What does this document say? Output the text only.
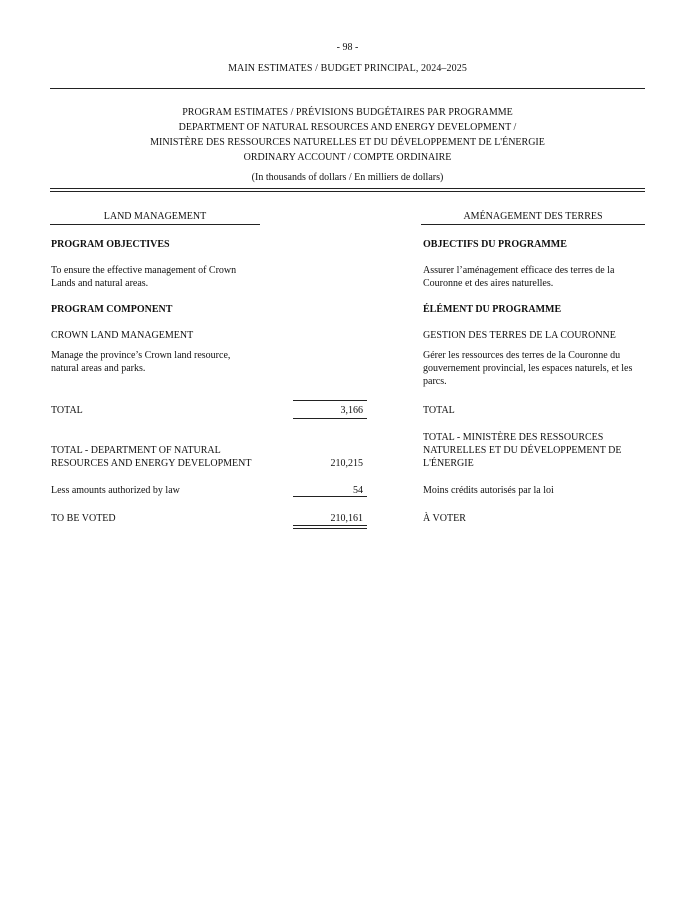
- 98 -
MAIN ESTIMATES / BUDGET PRINCIPAL, 2024–2025
PROGRAM ESTIMATES / PRÉVISIONS BUDGÉTAIRES PAR PROGRAMME
DEPARTMENT OF NATURAL RESOURCES AND ENERGY DEVELOPMENT /
MINISTÈRE DES RESSOURCES NATURELLES ET DU DÉVELOPPEMENT DE L'ÉNERGIE
ORDINARY ACCOUNT / COMPTE ORDINAIRE
(In thousands of dollars / En milliers de dollars)
LAND MANAGEMENT	AMÉNAGEMENT DES TERRES
PROGRAM OBJECTIVES	OBJECTIFS DU PROGRAMME
To ensure the effective management of Crown
Lands and natural areas.
Assurer l’aménagement efficace des terres de la
Couronne et des aires naturelles.
PROGRAM COMPONENT	ÉLÉMENT DU PROGRAMME
CROWN LAND MANAGEMENT	GESTION DES TERRES DE LA COURONNE
Manage the province’s Crown land resource,
natural areas and parks.
Gérer les ressources des terres de la Couronne du
gouvernement provincial, les espaces naturels, et les
parcs.
TOTAL	3,166	TOTAL
TOTAL - DEPARTMENT OF NATURAL
RESOURCES AND ENERGY DEVELOPMENT	210,215
TOTAL - MINISTÈRE DES RESSOURCES
NATURELLES ET DU DÉVELOPPEMENT DE
L'ÉNERGIE
Less amounts authorized by law	54	Moins crédits autorisés par la loi
TO BE VOTED	210,161	À VOTER
